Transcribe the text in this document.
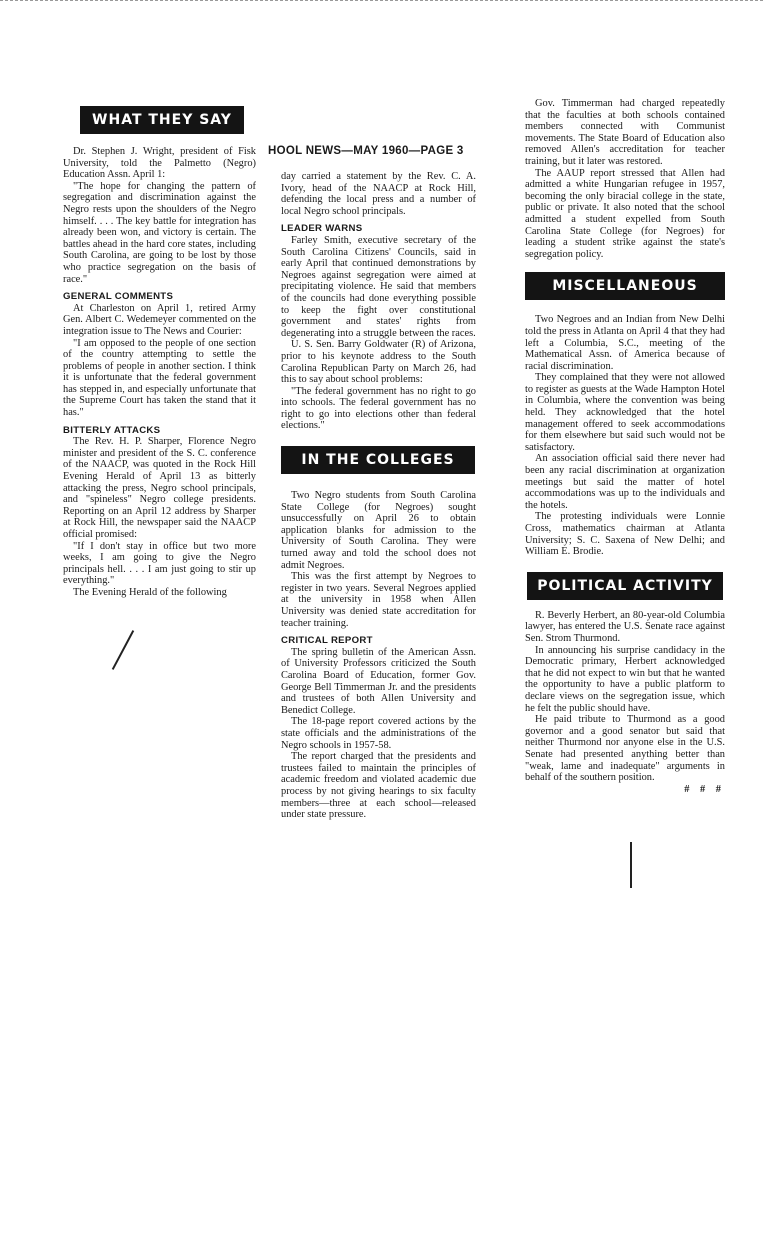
HOOL NEWS—MAY 1960—PAGE 3
WHAT THEY SAY

Dr. Stephen J. Wright, president of Fisk University, told the Palmetto (Negro) Education Assn. April 1:

"The hope for changing the pattern of segregation and discrimination against the Negro rests upon the shoulders of the Negro himself. . . . The key battle for integration has already been won, and victory is certain. The battles ahead in the hard core states, including South Carolina, are going to be lost by those who practice segregation on the basis of race."

GENERAL COMMENTS

At Charleston on April 1, retired Army Gen. Albert C. Wedemeyer commented on the integration issue to The News and Courier:

"I am opposed to the people of one section of the country attempting to settle the problems of people in another section. I think it is unfortunate that the federal government has stepped in, and especially unfortunate that the Supreme Court has taken the stand that it has."

BITTERLY ATTACKS

The Rev. H. P. Sharper, Florence Negro minister and president of the S. C. conference of the NAACP, was quoted in the Rock Hill Evening Herald of April 13 as bitterly attacking the press, Negro school principals, and "spineless" Negro college presidents. Reporting on an April 12 address by Sharper at Rock Hill, the newspaper said the NAACP official promised:

"If I don't stay in office but two more weeks, I am going to give the Negro principals hell. . . . I am just going to stir up everything."

The Evening Herald of the following

day carried a statement by the Rev. C. A. Ivory, head of the NAACP at Rock Hill, defending the local press and a number of local Negro school principals.

LEADER WARNS

Farley Smith, executive secretary of the South Carolina Citizens' Councils, said in early April that continued demonstrations by Negroes against segregation were aimed at precipitating violence. He said that members of the councils had done everything possible to keep the fight over constitutional government and states' rights from degenerating into a struggle between the races.

U. S. Sen. Barry Goldwater (R) of Arizona, prior to his keynote address to the South Carolina Republican Party on March 26, had this to say about school problems:

"The federal government has no right to go into schools. The federal government has no right to go into elections other than federal elections."

IN THE COLLEGES

Two Negro students from South Carolina State College (for Negroes) sought unsuccessfully on April 26 to obtain application blanks for admission to the University of South Carolina. They were turned away and told the school does not admit Negroes.

This was the first attempt by Negroes to register in two years. Several Negroes applied at the university in 1958 when Allen University was denied state accreditation for teacher training.

CRITICAL REPORT

The spring bulletin of the American Assn. of University Professors criticized the South Carolina Board of Education, former Gov. George Bell Timmerman Jr. and the presidents and trustees of both Allen University and Benedict College.

The 18-page report covered actions by the state officials and the administrations of the Negro schools in 1957-58.

The report charged that the presidents and trustees failed to maintain the principles of academic freedom and violated academic due process by not giving hearings to six faculty members—three at each school—released under state pressure.

Gov. Timmerman had charged repeatedly that the faculties at both schools contained members connected with Communist movements. The State Board of Education also removed Allen's accreditation for teacher training, but it later was restored.

The AAUP report stressed that Allen had admitted a white Hungarian refugee in 1957, becoming the only biracial college in the state, public or private. It also noted that the school admitted a student expelled from South Carolina State College (for Negroes) for leading a student strike against the state's segregation policy.

MISCELLANEOUS

Two Negroes and an Indian from New Delhi told the press in Atlanta on April 4 that they had left a Columbia, S.C., meeting of the Mathematical Assn. of America because of racial discrimination.

They complained that they were not allowed to register as guests at the Wade Hampton Hotel in Columbia, where the convention was being held. They acknowledged that the hotel management offered to seek accommodations for them elsewhere but said such would not be satisfactory.

An association official said there never had been any racial discrimination at organization meetings but said the matter of hotel accommodations was up to the individuals and the hotels.

The protesting individuals were Lonnie Cross, mathematics chairman at Atlanta University; S. C. Saxena of New Delhi; and William E. Brodie.

POLITICAL ACTIVITY

R. Beverly Herbert, an 80-year-old Columbia lawyer, has entered the U.S. Senate race against Sen. Strom Thurmond.

In announcing his surprise candidacy in the Democratic primary, Herbert acknowledged that he did not expect to win but that he wanted the opportunity to have a public platform to declare views on the segregation issue, which he felt the public should have.

He paid tribute to Thurmond as a good governor and a good senator but said that neither Thurmond nor anyone else in the U.S. Senate had presented anything better than "weak, lame and inadequate" arguments in behalf of the southern position.

# # #
